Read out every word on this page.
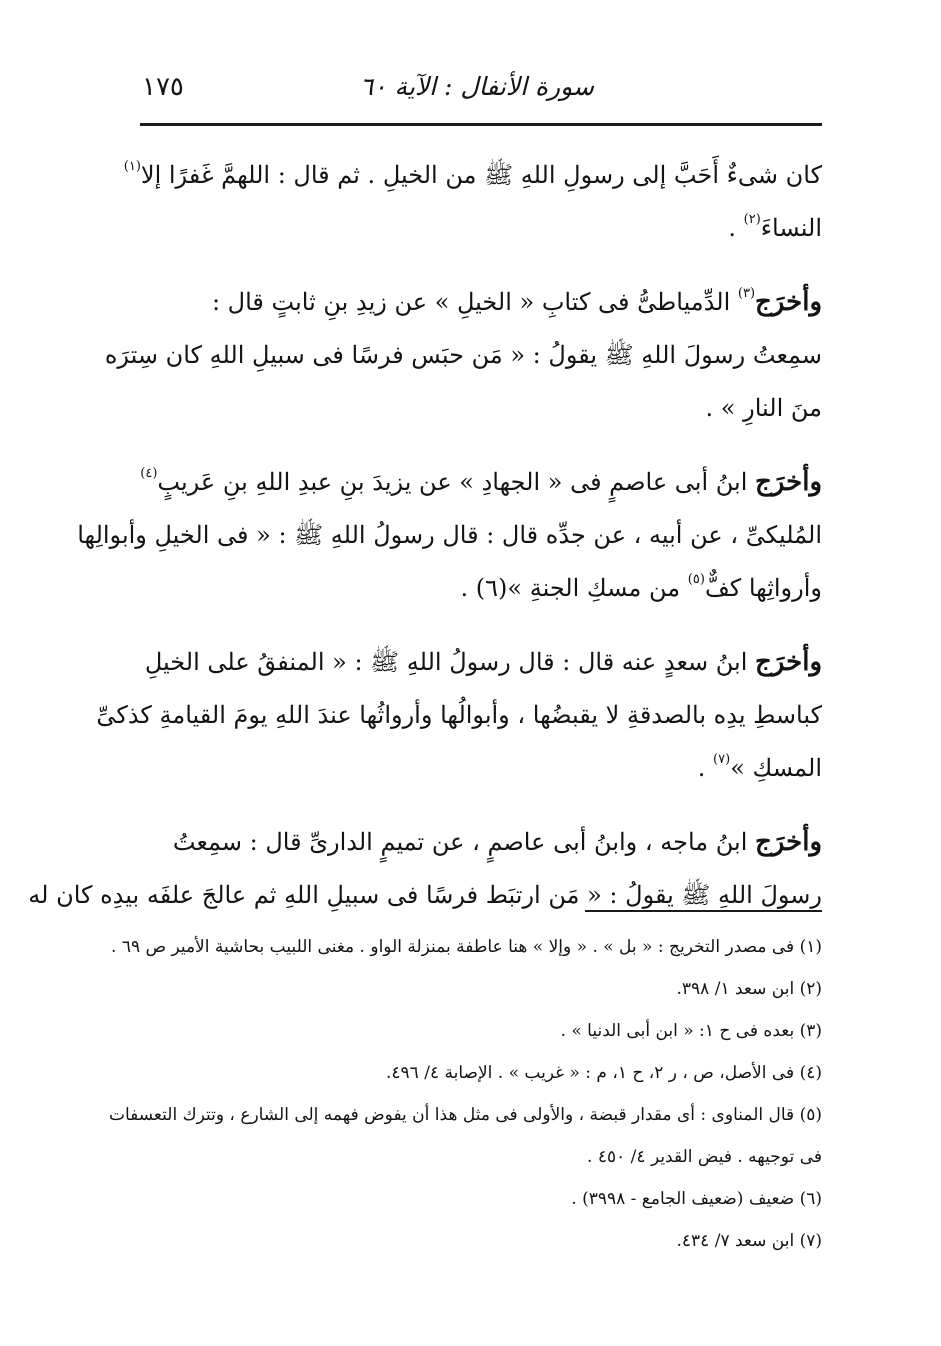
سورة الأنفال : الآية ٦٠
١٧٥

كان شىءٌ أَحَبَّ إلى رسولِ اللهِ ﷺ من الخيلِ . ثم قال : اللهمَّ غَفرًا إلا$^{(١)}$
النساءَ$^{(٢)}$ .

وأخرَج$^{(٣)}$ الدِّمياطىُّ فى كتابِ « الخيلِ » عن زيدِ بنِ ثابتٍ قال :
سمِعتُ رسولَ اللهِ ﷺ يقولُ : « مَن حبَس فرسًا فى سبيلِ اللهِ كان سِترَه
منَ النارِ » .

وأخرَج ابنُ أبى عاصمٍ فى « الجهادِ » عن يزيدَ بنِ عبدِ اللهِ بنِ عَريبٍ$^{(٤)}$
المُليكىِّ ، عن أبيه ، عن جدِّه قال : قال رسولُ اللهِ ﷺ : « فى الخيلِ وأبوالِها
وأرواثِها كفٌّ$^{(٥)}$ من مسكِ الجنةِ »(٦) .

وأخرَج ابنُ سعدٍ عنه قال : قال رسولُ اللهِ ﷺ : « المنفقُ على الخيلِ
كباسطِ يدِه بالصدقةِ لا يقبضُها ، وأبوالُها وأرواثُها عندَ اللهِ يومَ القيامةِ كذكىِّ
المسكِ »$^{(٧)}$ .

وأخرَج ابنُ ماجه ، وابنُ أبى عاصمٍ ، عن تميمٍ الدارىِّ قال : سمِعتُ
رسولَ اللهِ ﷺ يقولُ : « مَن ارتبَط فرسًا فى سبيلِ اللهِ ثم عالجَ علفَه بيدِه كان له

(١) فى مصدر التخريج : « بل » . « وإلا » هنا عاطفة بمنزلة الواو . مغنى اللبيب بحاشية الأمير ص ٦٩ .
(٢) ابن سعد ١/ ٣٩٨.
(٣) بعده فى ح ١: « ابن أبى الدنيا » .
(٤) فى الأصل، ص ، ر ٢، ح ١، م : « غريب » . الإصابة ٤/ ٤٩٦.
(٥) قال المناوى : أى مقدار قبضة ، والأولى فى مثل هذا أن يفوض فهمه إلى الشارع ، وتترك التعسفات
فى توجيهه . فيض القدير ٤/ ٤٥٠ .
(٦) ضعيف (ضعيف الجامع - ٣٩٩٨) .
(٧) ابن سعد ٧/ ٤٣٤.
